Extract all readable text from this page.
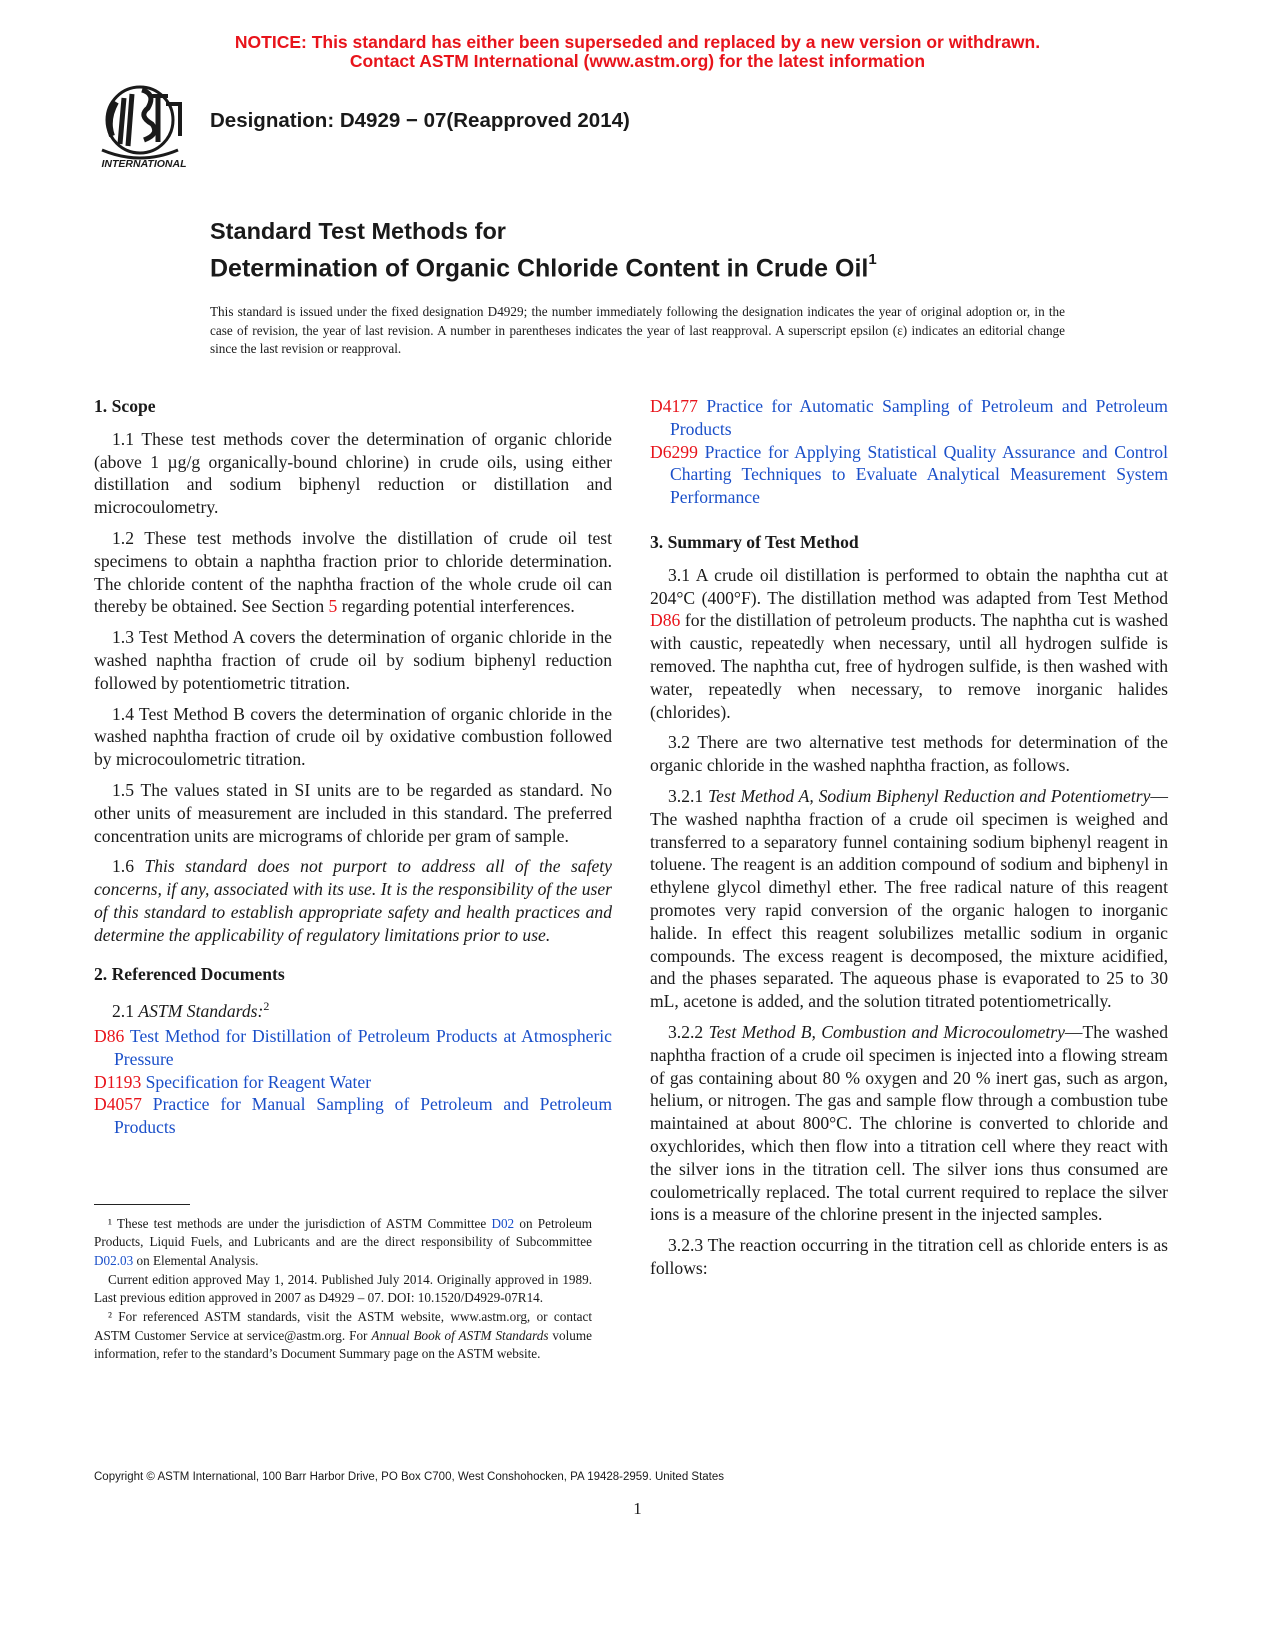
NOTICE: This standard has either been superseded and replaced by a new version or withdrawn.
Contact ASTM International (www.astm.org) for the latest information
INTERNATIONAL
Designation: D4929 − 07(Reapproved 2014)
Standard Test Methods for
Determination of Organic Chloride Content in Crude Oil$^1$
This standard is issued under the fixed designation D4929; the number immediately following the designation indicates the year of original adoption or, in the case of revision, the year of last revision. A number in parentheses indicates the year of last reapproval. A superscript epsilon (ε) indicates an editorial change since the last revision or reapproval.
1. Scope

1.1 These test methods cover the determination of organic chloride (above 1 µg/g organically-bound chlorine) in crude oils, using either distillation and sodium biphenyl reduction or distillation and microcoulometry.

1.2 These test methods involve the distillation of crude oil test specimens to obtain a naphtha fraction prior to chloride determination. The chloride content of the naphtha fraction of the whole crude oil can thereby be obtained. See Section 5 regarding potential interferences.

1.3 Test Method A covers the determination of organic chloride in the washed naphtha fraction of crude oil by sodium biphenyl reduction followed by potentiometric titration.

1.4 Test Method B covers the determination of organic chloride in the washed naphtha fraction of crude oil by oxidative combustion followed by microcoulometric titration.

1.5 The values stated in SI units are to be regarded as standard. No other units of measurement are included in this standard. The preferred concentration units are micrograms of chloride per gram of sample.

1.6 This standard does not purport to address all of the safety concerns, if any, associated with its use. It is the responsibility of the user of this standard to establish appropriate safety and health practices and determine the applicability of regulatory limitations prior to use.

2. Referenced Documents

2.1 ASTM Standards:$^2$

D86 Test Method for Distillation of Petroleum Products at Atmospheric Pressure
D1193 Specification for Reagent Water
D4057 Practice for Manual Sampling of Petroleum and Petroleum Products

¹ These test methods are under the jurisdiction of ASTM Committee D02 on Petroleum Products, Liquid Fuels, and Lubricants and are the direct responsibility of Subcommittee D02.03 on Elemental Analysis.

Current edition approved May 1, 2014. Published July 2014. Originally approved in 1989. Last previous edition approved in 2007 as D4929 – 07. DOI: 10.1520/D4929-07R14.

² For referenced ASTM standards, visit the ASTM website, www.astm.org, or contact ASTM Customer Service at service@astm.org. For Annual Book of ASTM Standards volume information, refer to the standard’s Document Summary page on the ASTM website.

D4177 Practice for Automatic Sampling of Petroleum and Petroleum Products
D6299 Practice for Applying Statistical Quality Assurance and Control Charting Techniques to Evaluate Analytical Measurement System Performance
3. Summary of Test Method

3.1 A crude oil distillation is performed to obtain the naphtha cut at 204°C (400°F). The distillation method was adapted from Test Method D86 for the distillation of petroleum products. The naphtha cut is washed with caustic, repeatedly when necessary, until all hydrogen sulfide is removed. The naphtha cut, free of hydrogen sulfide, is then washed with water, repeatedly when necessary, to remove inorganic halides (chlorides).

3.2 There are two alternative test methods for determination of the organic chloride in the washed naphtha fraction, as follows.

3.2.1 Test Method A, Sodium Biphenyl Reduction and Potentiometry—The washed naphtha fraction of a crude oil specimen is weighed and transferred to a separatory funnel containing sodium biphenyl reagent in toluene. The reagent is an addition compound of sodium and biphenyl in ethylene glycol dimethyl ether. The free radical nature of this reagent promotes very rapid conversion of the organic halogen to inorganic halide. In effect this reagent solubilizes metallic sodium in organic compounds. The excess reagent is decomposed, the mixture acidified, and the phases separated. The aqueous phase is evaporated to 25 to 30 mL, acetone is added, and the solution titrated potentiometrically.

3.2.2 Test Method B, Combustion and Microcoulometry—The washed naphtha fraction of a crude oil specimen is injected into a flowing stream of gas containing about 80 % oxygen and 20 % inert gas, such as argon, helium, or nitrogen. The gas and sample flow through a combustion tube maintained at about 800°C. The chlorine is converted to chloride and oxychlorides, which then flow into a titration cell where they react with the silver ions in the titration cell. The silver ions thus consumed are coulometrically replaced. The total current required to replace the silver ions is a measure of the chlorine present in the injected samples.

3.2.3 The reaction occurring in the titration cell as chloride enters is as follows:

Copyright © ASTM International, 100 Barr Harbor Drive, PO Box C700, West Conshohocken, PA 19428-2959. United States
1
